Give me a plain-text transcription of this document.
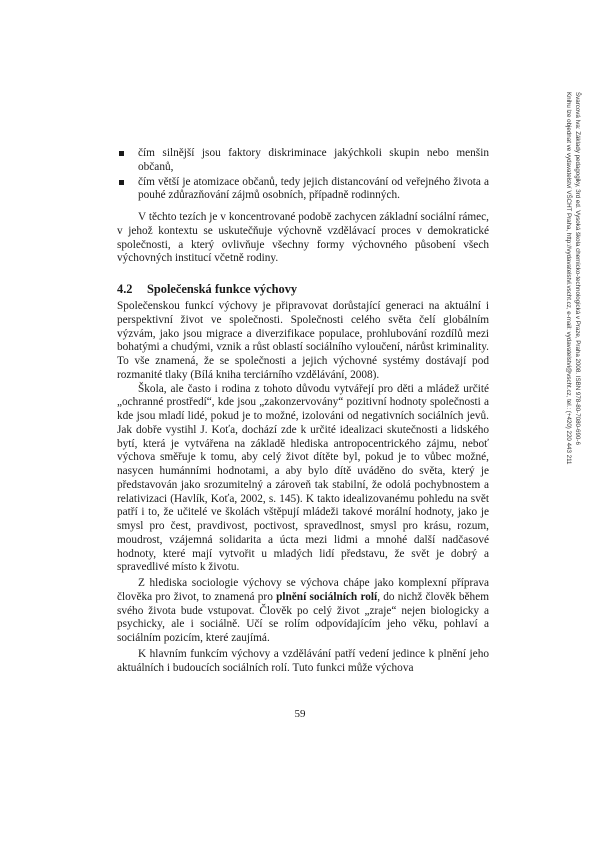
Švarcová Iva: Základy pedagogiky, 3rd ed. Vysoká škola chemicko-technologická v Praze, Praha 2008. ISBN 978-80-7080-690-6
Knihu lze objednat ve vydavatelství VŠCHT Praha, http://vydavatelstvi.vscht.cz, e-mail: vydavatelstvi@vscht.cz, tel.: (+420) 220 443 211
čím silnější jsou faktory diskriminace jakýchkoli skupin nebo menšin občanů,
čím větší je atomizace občanů, tedy jejich distancování od veřejného života a pouhé zdůrazňování zájmů osobních, případně rodinných.

V těchto tezích je v koncentrované podobě zachycen základní sociální rámec, v jehož kontextu se uskutečňuje výchovně vzdělávací proces v demokratické společnosti, a který ovlivňuje všechny formy výchovného působení všech výchovných institucí včetně rodiny.

4.2 Společenská funkce výchovy

Společenskou funkcí výchovy je připravovat dorůstající generaci na aktuální i perspektivní život ve společnosti. Společnosti celého světa čelí globálním výzvám, jako jsou migrace a diverzifikace populace, prohlubování rozdílů mezi bohatými a chudými, vznik a růst oblastí sociálního vyloučení, nárůst kriminality. To vše znamená, že se společnosti a jejich výchovné systémy dostávají pod rozmanité tlaky (Bílá kniha terciárního vzdělávání, 2008).

Škola, ale často i rodina z tohoto důvodu vytvářejí pro děti a mládež určité „ochranné prostředí“, kde jsou „zakonzervovány“ pozitivní hodnoty společnosti a kde jsou mladí lidé, pokud je to možné, izolováni od negativních sociálních jevů. Jak dobře vystihl J. Koťa, dochází zde k určité idealizaci skutečnosti a lidského bytí, která je vytvářena na základě hlediska antropocentrického zájmu, neboť výchova směřuje k tomu, aby celý život dítěte byl, pokud je to vůbec možné, nasycen humánními hodnotami, a aby bylo dítě uváděno do světa, který je představován jako srozumitelný a zároveň tak stabilní, že odolá pochybnostem a relativizaci (Havlík, Koťa, 2002, s. 145). K takto idealizovanému pohledu na svět patří i to, že učitelé ve školách vštěpují mládeži takové morální hodnoty, jako je smysl pro čest, pravdivost, poctivost, spravedlnost, smysl pro krásu, rozum, moudrost, vzájemná solidarita a úcta mezi lidmi a mnohé další nadčasové hodnoty, které mají vytvořit u mladých lidí představu, že svět je dobrý a spravedlivé místo k životu.

Z hlediska sociologie výchovy se výchova chápe jako komplexní příprava člověka pro život, to znamená pro plnění sociálních rolí, do nichž člověk během svého života bude vstupovat. Člověk po celý život „zraje“ nejen biologicky a psychicky, ale i sociálně. Učí se rolím odpovídajícím jeho věku, pohlaví a sociálním pozicím, které zaujímá.

K hlavním funkcím výchovy a vzdělávání patří vedení jedince k plnění jeho aktuálních i budoucích sociálních rolí. Tuto funkci může výchova

59
